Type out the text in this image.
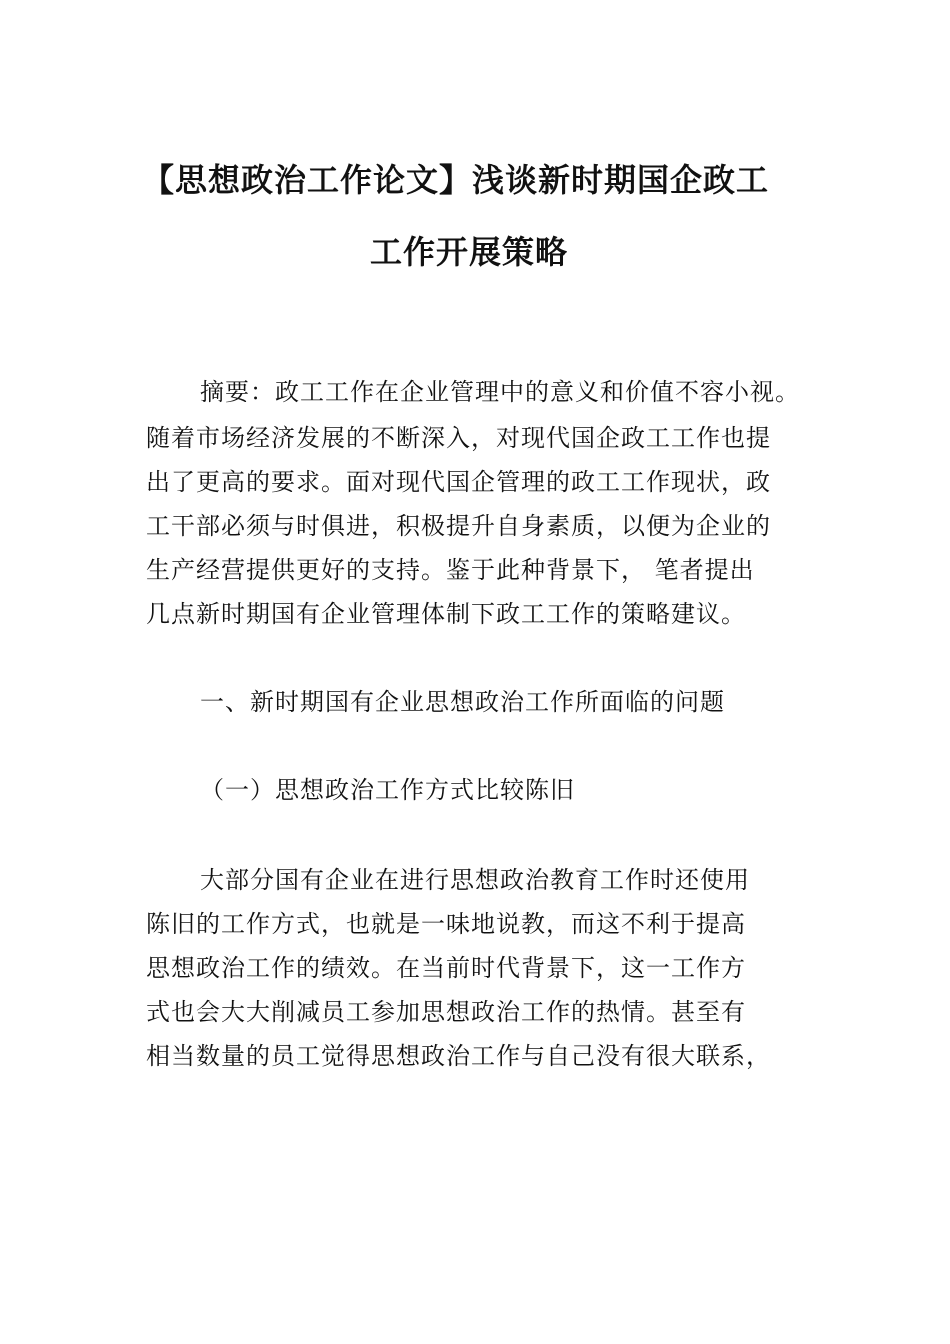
【思想政治工作论文】浅谈新时期国企政工
工作开展策略
摘要：政工工作在企业管理中的意义和价值不容小视。
随着市场经济发展的不断深入，对现代国企政工工作也提
出了更高的要求。面对现代国企管理的政工工作现状，政
工干部必须与时俱进，积极提升自身素质，以便为企业的
生产经营提供更好的支持。鉴于此种背景下， 笔者提出
几点新时期国有企业管理体制下政工工作的策略建议。
一、新时期国有企业思想政治工作所面临的问题
（一）思想政治工作方式比较陈旧
大部分国有企业在进行思想政治教育工作时还使用
陈旧的工作方式，也就是一味地说教，而这不利于提高
思想政治工作的绩效。在当前时代背景下，这一工作方
式也会大大削减员工参加思想政治工作的热情。甚至有
相当数量的员工觉得思想政治工作与自己没有很大联系，
